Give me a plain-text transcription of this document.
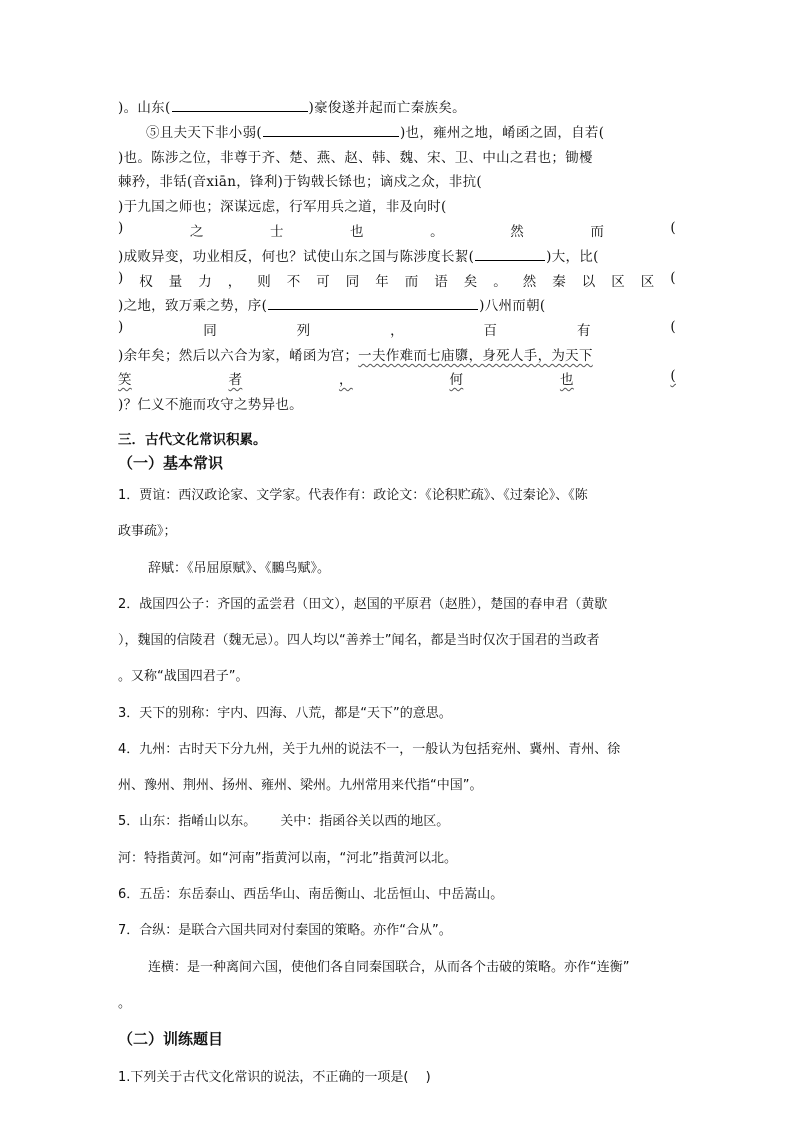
)。山东(	)豪俊遂并起而亡秦族矣。
⑤且夫天下非小弱(	)也，雍州之地，崤函之固，自若(
)也。陈涉之位，非尊于齐、楚、燕、赵、韩、魏、宋、卫、中山之君也；锄櫌
棘矜，非铦(音xiān，锋利)于钩戟长铩也；谪戍之众，非抗(
)于九国之师也；深谋远虑，行军用兵之道，非及向时(
)	之	士	也	。	然	而	(
)成败异变，功业相反，何也？试使山东之国与陈涉度长絜(	)大，比(
) 权 量 力 ， 则 不 可 同 年 而 语 矣 。 然 秦 以 区 区 (
)之地，致万乘之势，序(	)八州而朝(
)	同	列	，	百	有	(
)余年矣；然后以六合为家，崤函为宫；一夫作难而七庙隳，身死人手，为天下
笑	者	，	何	也	(
)？仁义不施而攻守之势异也。
三．古代文化常识积累。
（一）基本常识
1．贾谊：西汉政论家、文学家。代表作有：政论文：《论积贮疏》、《过秦论》、《陈
政事疏》；
辞赋：《吊屈原赋》、《鵩鸟赋》。
2．战国四公子：齐国的孟尝君（田文），赵国的平原君（赵胜），楚国的春申君（黄歇
），魏国的信陵君（魏无忌）。四人均以“善养士”闻名，都是当时仅次于国君的当政者
。又称“战国四君子”。
3．天下的别称：宇内、四海、八荒，都是“天下”的意思。
4．九州：古时天下分九州，关于九州的说法不一，一般认为包括兖州、冀州、青州、徐
州、豫州、荆州、扬州、雍州、梁州。九州常用来代指“中国”。
5．山东：指崤山以东。 关中：指函谷关以西的地区。
河：特指黄河。如“河南”指黄河以南，“河北”指黄河以北。
6．五岳：东岳泰山、西岳华山、南岳衡山、北岳恒山、中岳嵩山。
7．合纵：是联合六国共同对付秦国的策略。亦作“合从”。
连横：是一种离间六国，使他们各自同秦国联合，从而各个击破的策略。亦作“连衡”
。
（二）训练题目
1.下列关于古代文化常识的说法，不正确的一项是(　 )
